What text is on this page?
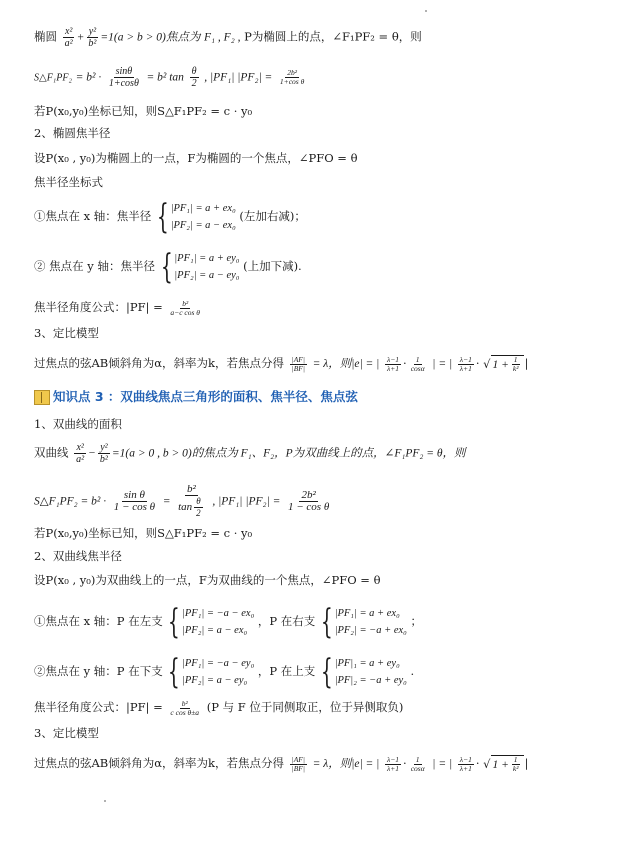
椭圆 $\frac{\text{x²}}{\text{a²}} + \frac{\text{y²}}{\text{b²}} =1(a > b > 0)$焦点为 F₁ , F₂ , P为椭圆上的点，∠F₁PF₂ = θ，则
S△F₁PF₂ = $b^2 \cdot \frac{\sin\theta}{1+\cos\theta} = b^2$ $\tan \frac{\theta}{2}$ , |PF₁| $|PF_2| = \frac{\text{2b²}}{\text{1+cos θ}}$
若P(x₀,y₀)坐标已知，则S△F₁PF₂ = c · y₀
2、椭圆焦半径
设P(x₀ , y₀)为椭圆上的一点，F为椭圆的一个焦点，∠PFO = θ
焦半径坐标式
①焦点在 x 轴：焦半径 { |PF₁| = a + ex₀
|PF₂| = a − ex₀
(左加右减)；
② 焦点在 y 轴：焦半径 { |PF₁| = a + ey₀
|PF₂| = a − ey₀
(上加下减).
焦半径角度公式：$|PF| = \frac{\text{b²}}{\text{a−c cos θ}}$
3、定比模型
过焦点的弦AB倾斜角为α，斜率为k，若焦点分得 $\frac{|AF|}{|BF|} = \lambda$，则|e| = | $\frac{\lambda-1}{\lambda+1} \cdot \frac{1}{\cos\alpha}$ | = | $\frac{\lambda-1}{\lambda+1}$ · √ $1 + \frac{1}{\text{k²}}$ |
知识点 3 ：双曲线焦点三角形的面积、焦半径、焦点弦
1、双曲线的面积
双曲线 $\frac{\text{x²}}{\text{a²}} - \frac{\text{y²}}{\text{b²}} =1(a > 0$ , b > 0)的焦点为 F₁、F₂，P为双曲线上的点，∠F₁PF₂ = θ，则
S△F₁PF₂ = $b^2 \cdot \frac{\text{sin θ}}{\text{1 − cos θ}} = \frac{\text{b²}}{\tan \frac{\theta}{2}}$ , |PF₁| $|PF_2| = \frac{\text{2b²}}{\text{1 − cos θ}}$
若P(x₀,y₀)坐标已知，则S△F₁PF₂ = c · y₀
2、双曲线焦半径
设P(x₀ , y₀)为双曲线上的一点，F为双曲线的一个焦点，∠PFO = θ
①焦点在 x 轴：P 在左支 { |PF₁| = −a − ex₀
|PF₂| = a − ex₀
，P 在右支 { |PF₁| = a + ex₀
|PF₂| = −a + ex₀
；
②焦点在 y 轴：P 在下支 { |PF₁| = −a − ey₀
|PF₂| = a − ey₀
，P 在上支 { |PF|₁ = a + ey₀
|PF|₂ = −a + ey₀
.
焦半径角度公式：$|PF| = \frac{\text{b²}}{\text{c cos θ±a}} (P$ 与 F 位于同侧取正，位于异侧取负)
3、定比模型
过焦点的弦AB倾斜角为α，斜率为k，若焦点分得 $\frac{|AF|}{|BF|} = \lambda$，则|e| = | $\frac{\lambda-1}{\lambda+1} \cdot \frac{1}{\cos\alpha}$ | = | $\frac{\lambda-1}{\lambda+1}$ · √ $1 + \frac{1}{\text{k²}}$ |
